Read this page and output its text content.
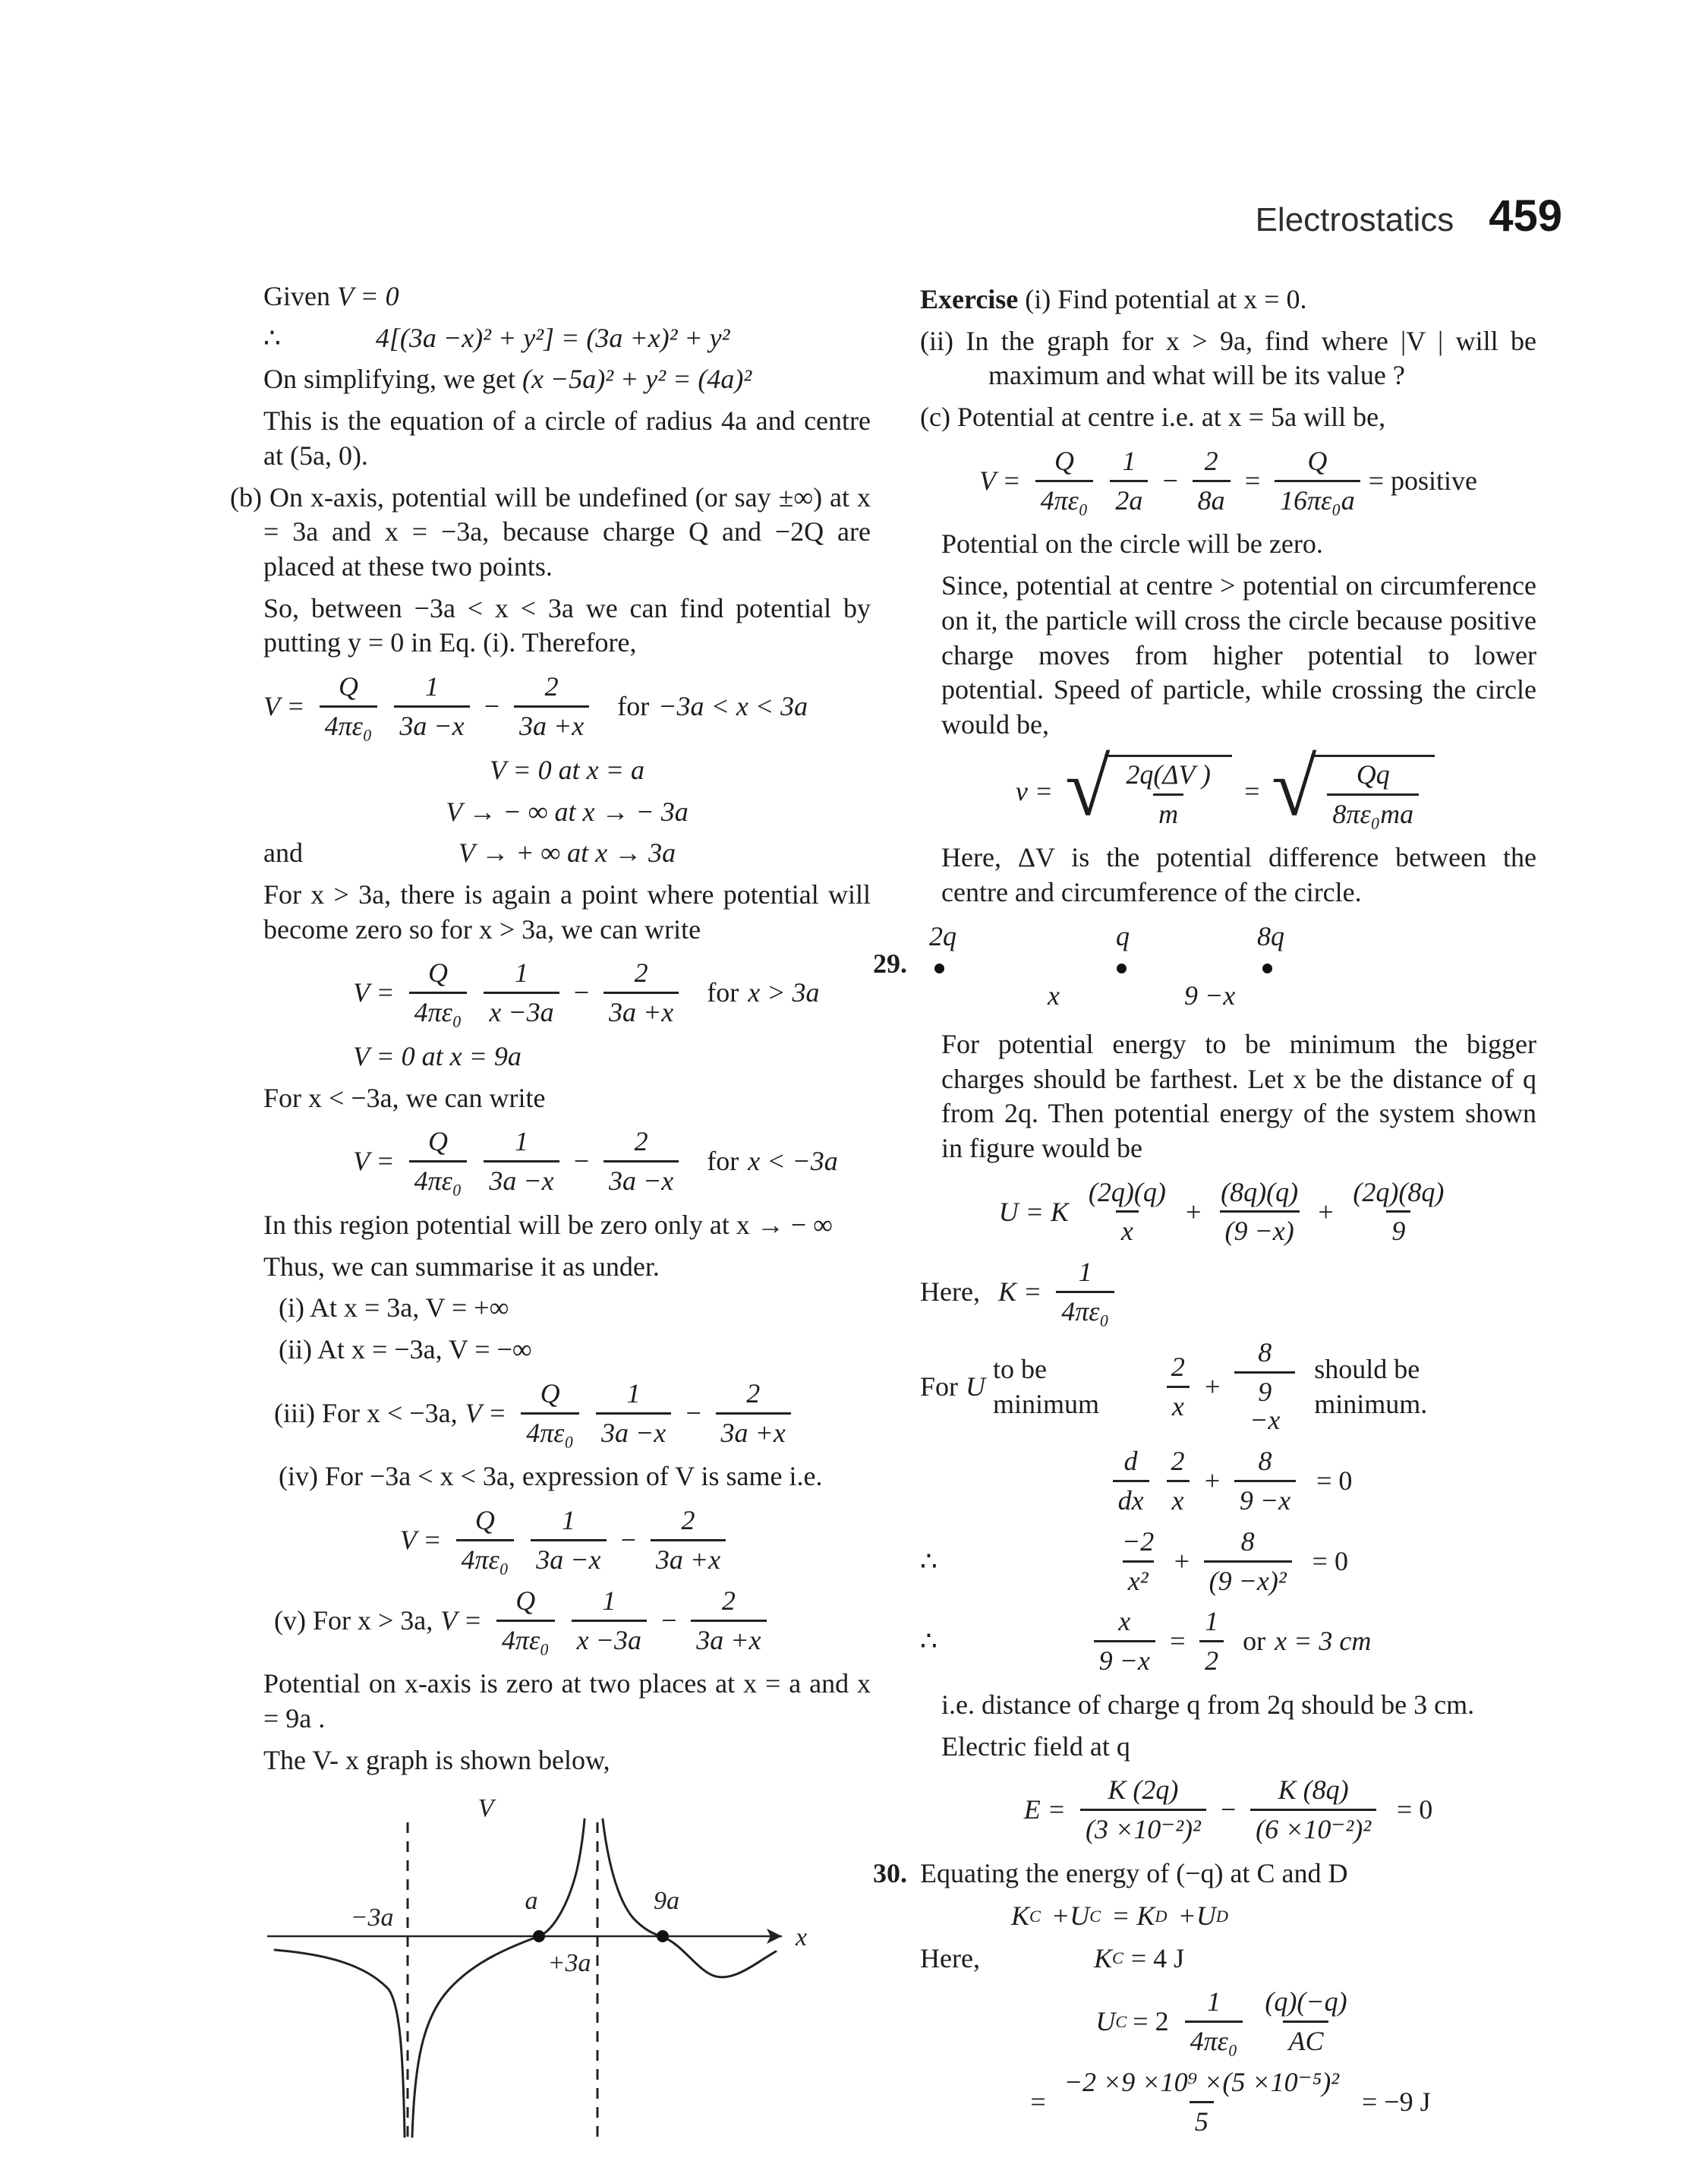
Electrostatics 459

Given V = 0

∴	4[(3a −x)² + y²] = (3a +x)² + y²

On simplifying, we get (x −5a)² + y² = (4a)²

This is the equation of a circle of radius 4a and centre at (5a, 0).

(b) On x-axis, potential will be undefined (or say ±∞) at x = 3a and x = −3a, because charge Q and −2Q are placed at these two points.

So, between −3a < x < 3a we can find potential by putting y = 0 in Eq. (i). Therefore,

$V = \frac{Q}{\text{4πε₀}} 1$
3a −x
− $\frac{2}{3a +x}$ for −3a < x < 3a

V = 0 at x = a

V → − ∞ at x → − 3a

and	V → + ∞ at x → 3a

For x > 3a, there is again a point where potential will become zero so for x > 3a, we can write

$V = \frac{Q}{\text{4πε₀}} 1$
x −3a
− $\frac{2}{3a +x}$ for x > 3a

V = 0 at x = 9a

For x < −3a, we can write

$V = \frac{Q}{\text{4πε₀}} 1$
3a −x
− $\frac{2}{3a -x}$ for x < −3a

In this region potential will be zero only at x → − ∞

Thus, we can summarise it as under.

(i) At x = 3a, V = +∞

(ii) At x = −3a, V = −∞

(iii) For x < −3a, $V = \frac{Q}{\text{4πε₀}} 1$
3a −x
− $\frac{2}{3a +x}$

(iv) For −3a < x < 3a, expression of V is same i.e.

$V = \frac{Q}{\text{4πε₀}} 1$
3a −x
− $\frac{2}{3a +x}$
(v) For x > 3a, $V = \frac{Q}{\text{4πε₀}} 1$
x −3a
− $\frac{2}{3a +x}$

Potential on x-axis is zero at two places at x = a and x = 9a .

The V- x graph is shown below,

V
x
−3a
a
+3a
9a

Exercise (i) Find potential at x = 0.

(ii) In the graph for x > 9a, find where |V | will be maximum and what will be its value ?

(c) Potential at centre i.e. at x = 5a will be,

$V = \frac{Q}{\text{4πε₀}} 1$
2a
− $\frac{2}{8a} = \frac{Q}{\text{16πε₀a}}$ = positive

Potential on the circle will be zero.

Since, potential at centre > potential on circumference on it, the particle will cross the circle because positive charge moves from higher potential to lower potential. Speed of particle, while crossing the circle would be,

v = √ 2q(ΔV )
m
= √ Qq
8πε₀ma

Here, ΔV is the potential difference between the centre and circumference of the circle.

29.
2q	q	8q
x	9 −x

For potential energy to be minimum the bigger charges should be farthest. Let x be the distance of q from 2q. Then potential energy of the system shown in figure would be

U = K
(2q)(q)
x
+ $\frac{(8q)(q)}{(9 -x)} + \frac{(2q)(8q)}{9}$
Here, $K = \frac{1}{\text{4πε₀}}$
For U
to be minimum
2
x
+ $\frac{8}{9 -x}$ should be minimum.
d
dx
2
x
+ $\frac{8}{9 -x} = 0$
∴
−2
x²
+ $\frac{8}{\text{(9 −x)²}} = 0$
∴	$\frac{x}{9 -x} = \frac{1}{2}$ or x = 3 cm

i.e. distance of charge q from 2q should be 3 cm.

Electric field at q

$E = \frac{K (2q)}{\text{(3 ×10⁻²)²}} - \frac{K (8q)}{\text{(6 ×10⁻²)²}} = 0$

30. Equating the energy of (−q) at C and D

K C +U C = K D +U D
Here,	K C = 4 J
U C = 2
1
4πε₀
(q)(−q)
AC
= $\frac{\text{−2 ×9 ×10⁹ ×(5 ×10⁻⁵)²}}{5} = -9$ J
